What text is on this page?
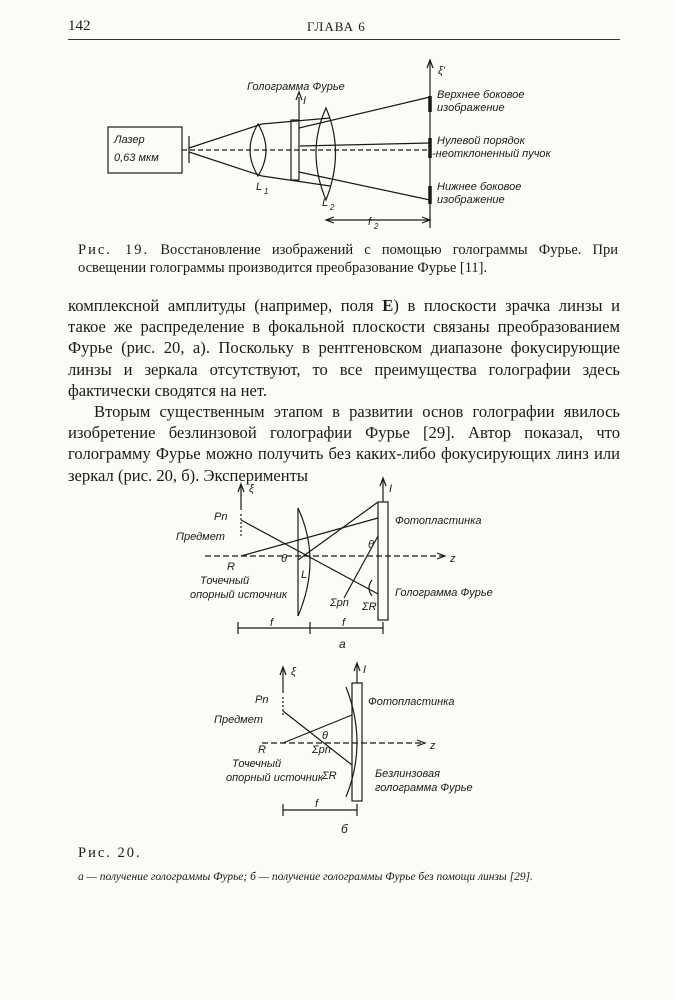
142	ГЛАВА 6
Лазер
0,63 мкм
Голограмма Фурье
I
ξ'
L 1
L 2
f 2
Верхнее боковое
изображение
Нулевой порядок
-неотклоненный пучок
Нижнее боковое
изображение
Рис. 19. Восстановление изображений с помощью голограммы Фурье. При освещении голограммы производится преобразование Фурье [11].

комплексной амплитуды (например, поля E) в плоскости зрачка линзы и такое же распределение в фокальной плоскости связаны преобразованием Фурье (рис. 20, a). Поскольку в рентгеновском диапазоне фокусирующие линзы и зеркала отсутствуют, то все преимущества голографии здесь фактически сводятся на нет.

Вторым существенным этапом в развитии основ голографии явилось изобретение безлинзовой голографии Фурье [29]. Автор показал, что голограмму Фурье можно получить без каких-либо фокусирующих линз или зеркал (рис. 20, б). Эксперименты

ξ	I
Pn
Предмет
θ
θ
R
Точечный
опорный источник
L
z
Σpn ΣR
Фотопластинка
Голограмма Фурье
f	f
а
ξ	I
Pn
Предмет
θ
R	Σpn
ΣR
Точечный
опорный источник
z
Фотопластинка
Безлинзовая
голограмма Фурье
f
б
Рис. 20.
а — получение голограммы Фурье; б — получение голограммы Фурье без помощи линзы [29].
